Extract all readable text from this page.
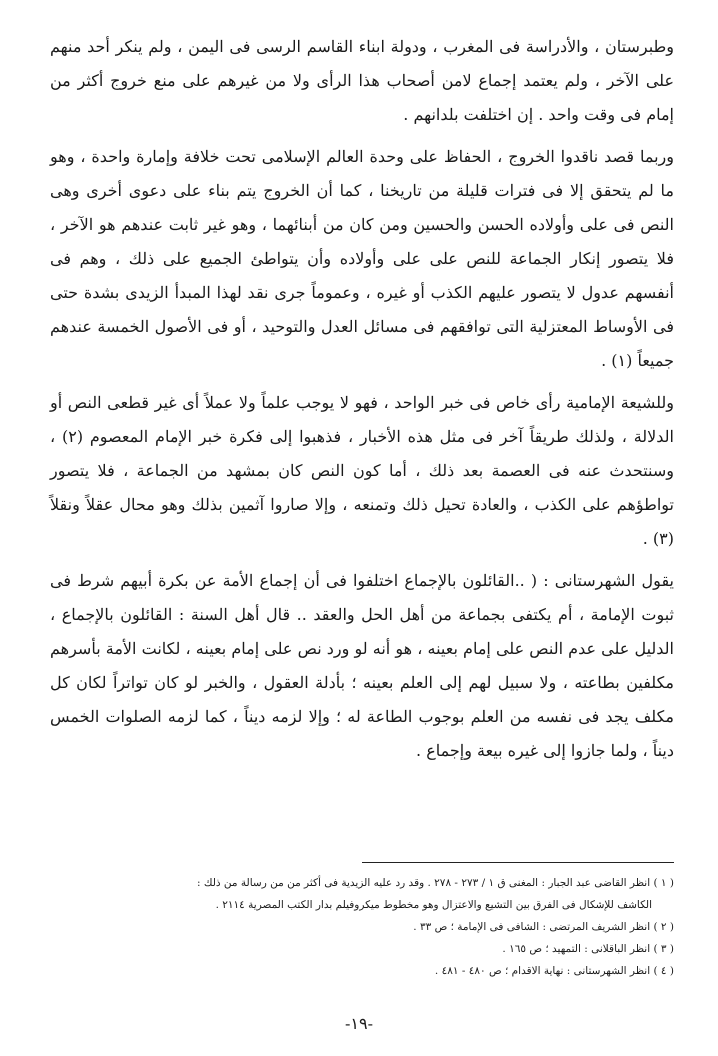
وطبرستان ، والأدراسة فى المغرب ، ودولة ابناء القاسم الرسى فى اليمن ، ولم ينكر أحد منهم على الآخر ، ولم يعتمد إجماع لامن أصحاب هذا الرأى ولا من غيرهم على منع خروج أكثر من إمام فى وقت واحد . إن اختلفت بلدانهم .

وربما قصد ناقدوا الخروج ، الحفاظ على وحدة العالم الإسلامى تحت خلافة وإمارة واحدة ، وهو ما لم يتحقق إلا فى فترات قليلة من تاريخنا ، كما أن الخروج يتم بناء على دعوى أخرى وهى النص فى على وأولاده الحسن والحسين ومن كان من أبنائهما ، وهو غير ثابت عندهم هو الآخر ، فلا يتصور إنكار الجماعة للنص على على وأولاده وأن يتواطئ الجميع على ذلك ، وهم فى أنفسهم عدول لا يتصور عليهم الكذب أو غيره ، وعموماً جرى نقد لهذا المبدأ الزيدى بشدة حتى فى الأوساط المعتزلية التى توافقهم فى مسائل العدل والتوحيد ، أو فى الأصول الخمسة عندهم جميعاً (١) .

وللشيعة الإمامية رأى خاص فى خبر الواحد ، فهو لا يوجب علماً ولا عملاً أى غير قطعى النص أو الدلالة ، ولذلك طريقاً آخر فى مثل هذه الأخبار ، فذهبوا إلى فكرة خبر الإمام المعصوم (٢) ، وسنتحدث عنه فى العصمة بعد ذلك ، أما كون النص كان بمشهد من الجماعة ، فلا يتصور تواطؤهم على الكذب ، والعادة تحيل ذلك وتمنعه ، وإلا صاروا آثمين بذلك وهو محال عقلاً ونقلاً (٣) .

يقول الشهرستانى : ( ..القائلون بالإجماع اختلفوا فى أن إجماع الأمة عن بكرة أبيهم شرط فى ثبوت الإمامة ، أم يكتفى بجماعة من أهل الحل والعقد .. قال أهل السنة : القائلون بالإجماع ، الدليل على عدم النص على إمام بعينه ، هو أنه لو ورد نص على إمام بعينه ، لكانت الأمة بأسرهم مكلفين بطاعته ، ولا سبيل لهم إلى العلم بعينه ؛ بأدلة العقول ، والخبر لو كان تواتراً لكان كل مكلف يجد فى نفسه من العلم بوجوب الطاعة له ؛ وإلا لزمه ديناً ، كما لزمه الصلوات الخمس ديناً ، ولما جازوا إلى غيره بيعة وإجماع .

( ١ ) انظر القاضى عبد الجبار : المغنى ق ١ / ٢٧٣ - ٢٧٨ . وقد رد عليه الزيدية فى أكثر من من رسالة من ذلك :

الكاشف للإشكال فى الفرق بين التشيع والاعتزال وهو مخطوط ميكروفيلم بدار الكتب المصرية ٢١١٤ .

( ٢ ) انظر الشريف المرتضى : الشافى فى الإمامة ؛ ص ٣٣ .

( ٣ ) انظر الباقلانى : التمهيد ؛ ص ١٦٥ .

( ٤ ) انظر الشهرستانى : نهاية الاقدام ؛ ص ٤٨٠ - ٤٨١ .

-١٩-
